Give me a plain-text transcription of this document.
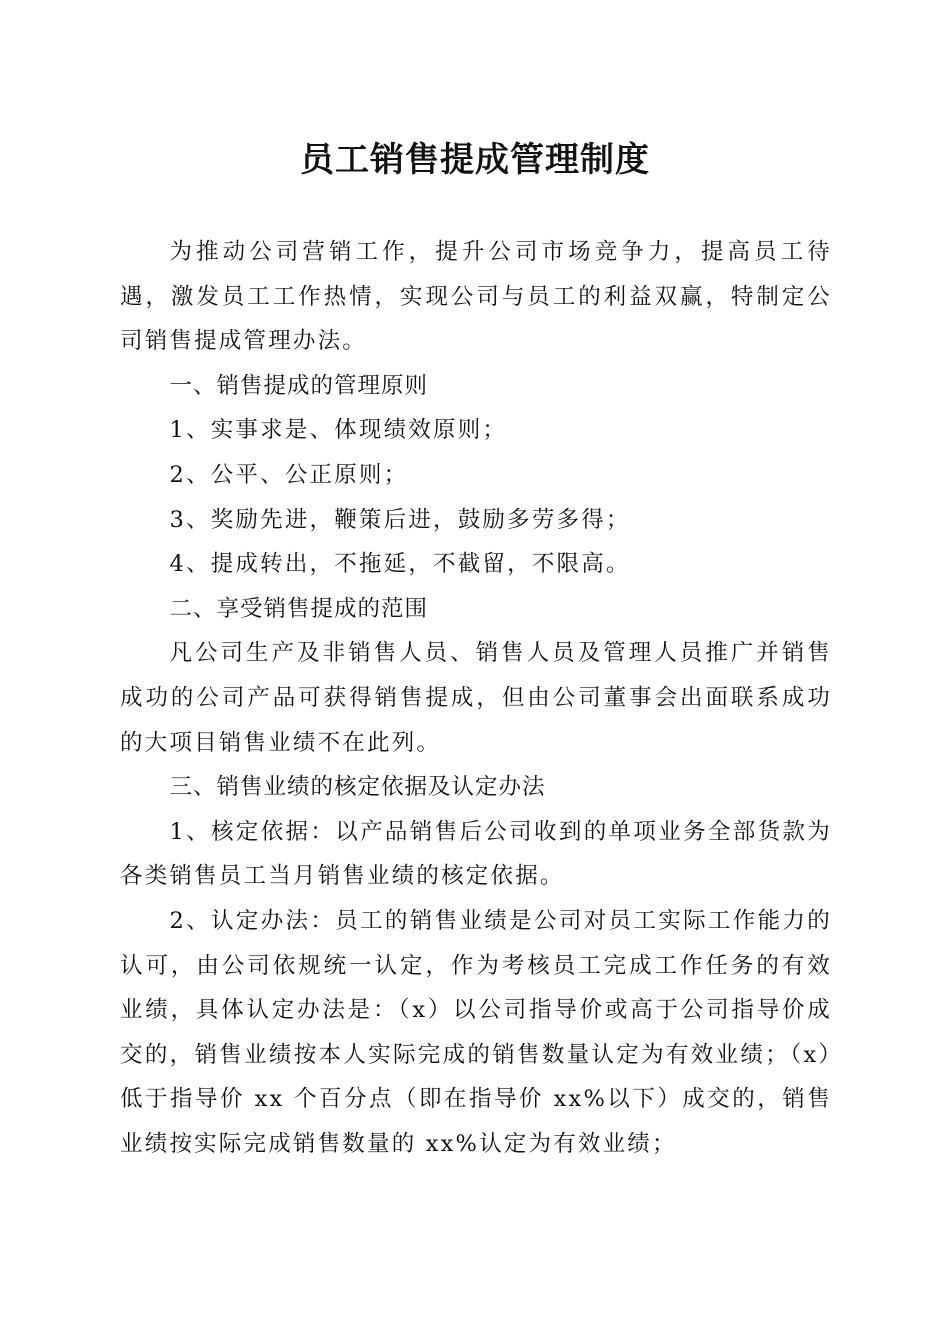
员工销售提成管理制度

为推动公司营销工作，提升公司市场竞争力，提高员工待遇，激发员工工作热情，实现公司与员工的利益双赢，特制定公司销售提成管理办法。

一、销售提成的管理原则

1、实事求是、体现绩效原则；

2、公平、公正原则；

3、奖励先进，鞭策后进，鼓励多劳多得；

4、提成转出，不拖延，不截留，不限高。

二、享受销售提成的范围

凡公司生产及非销售人员、销售人员及管理人员推广并销售成功的公司产品可获得销售提成，但由公司董事会出面联系成功的大项目销售业绩不在此列。

三、销售业绩的核定依据及认定办法

1、核定依据：以产品销售后公司收到的单项业务全部货款为各类销售员工当月销售业绩的核定依据。

2、认定办法：员工的销售业绩是公司对员工实际工作能力的认可，由公司依规统一认定，作为考核员工完成工作任务的有效业绩，具体认定办法是：（x）以公司指导价或高于公司指导价成交的，销售业绩按本人实际完成的销售数量认定为有效业绩；（x）低于指导价 xx 个百分点（即在指导价 xx%以下）成交的，销售业绩按实际完成销售数量的 xx%认定为有效业绩；
